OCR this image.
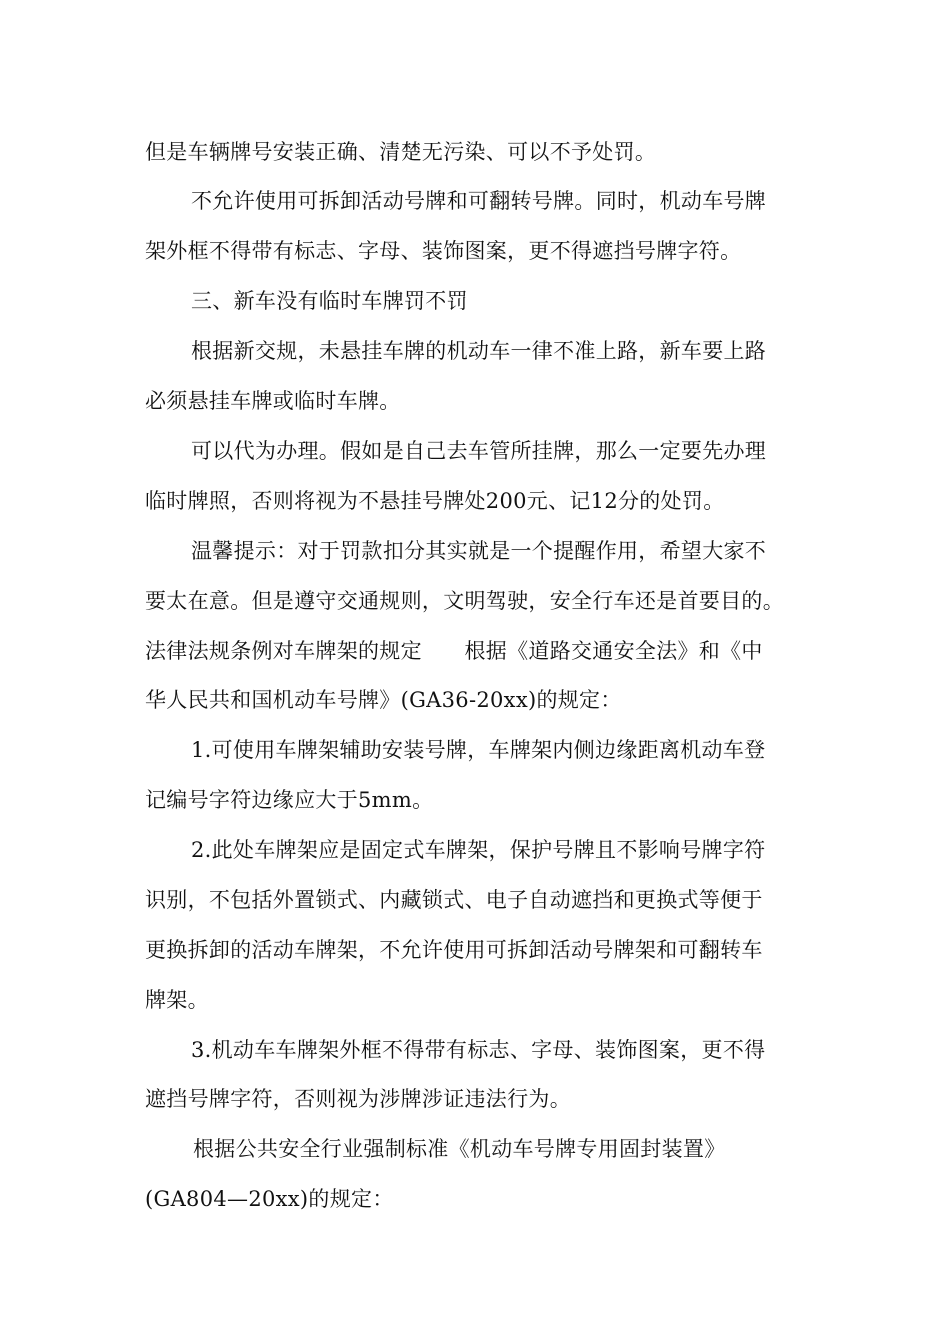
但是车辆牌号安装正确、清楚无污染、可以不予处罚。
不允许使用可拆卸活动号牌和可翻转号牌。同时，机动车号牌
架外框不得带有标志、字母、装饰图案，更不得遮挡号牌字符。
三、新车没有临时车牌罚不罚
根据新交规，未悬挂车牌的机动车一律不准上路，新车要上路
必须悬挂车牌或临时车牌。
可以代为办理。假如是自己去车管所挂牌，那么一定要先办理
临时牌照，否则将视为不悬挂号牌处200元、记12分的处罚。
温馨提示：对于罚款扣分其实就是一个提醒作用，希望大家不
要太在意。但是遵守交通规则，文明驾驶，安全行车还是首要目的。
法律法规条例对车牌架的规定　　根据《道路交通安全法》和《中
华人民共和国机动车号牌》(GA36-20xx)的规定：
1.可使用车牌架辅助安装号牌，车牌架内侧边缘距离机动车登
记编号字符边缘应大于5mm。
2.此处车牌架应是固定式车牌架，保护号牌且不影响号牌字符
识别，不包括外置锁式、内藏锁式、电子自动遮挡和更换式等便于
更换拆卸的活动车牌架，不允许使用可拆卸活动号牌架和可翻转车
牌架。
3.机动车车牌架外框不得带有标志、字母、装饰图案，更不得
遮挡号牌字符，否则视为涉牌涉证违法行为。
根据公共安全行业强制标准《机动车号牌专用固封装置》
(GA804—20xx)的规定：
